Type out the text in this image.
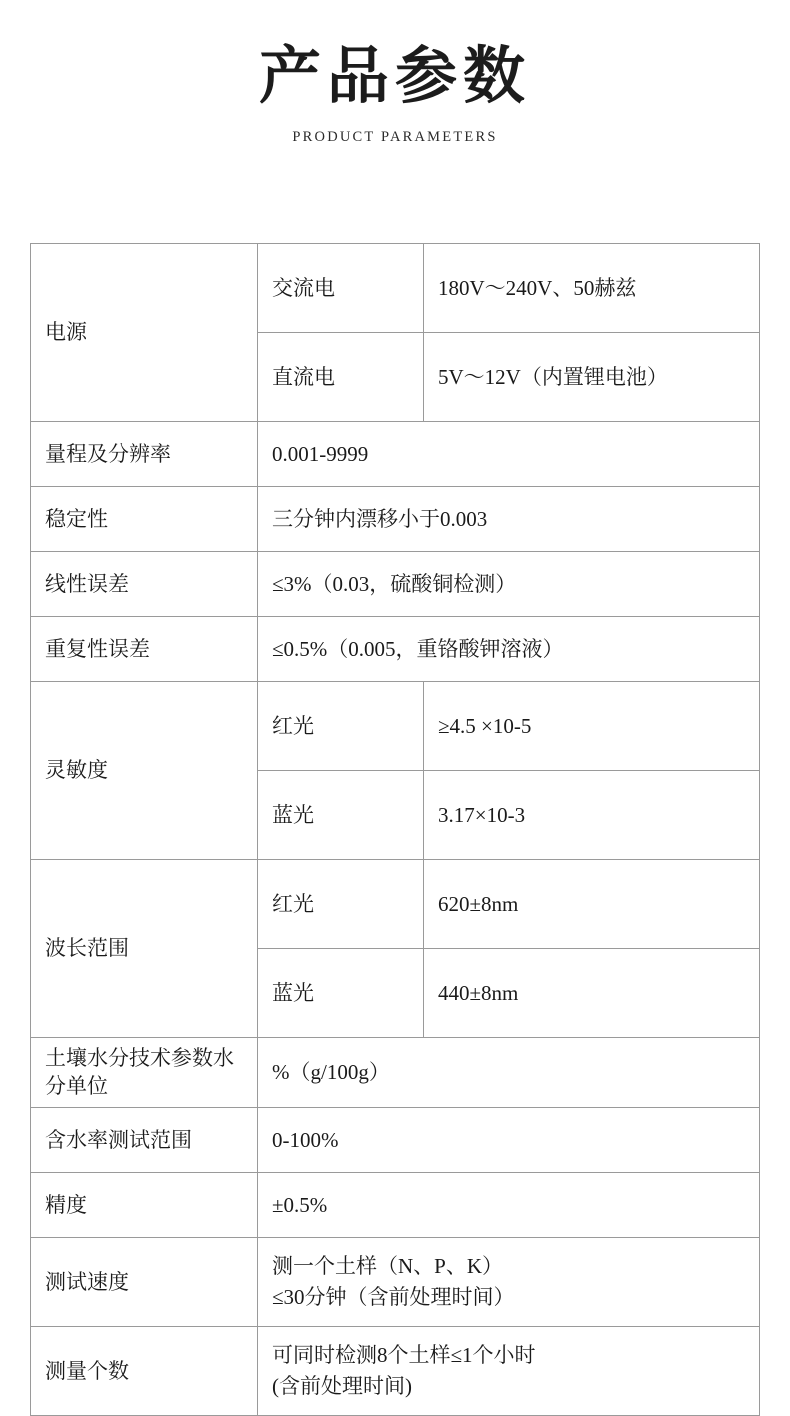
产品参数
PRODUCT PARAMETERS
电源	交流电	180V～240V、50赫兹
	直流电	5V～12V（内置锂电池）
量程及分辨率	0.001-9999	
稳定性	三分钟内漂移小于0.003	
线性误差	≤3%（0.03，硫酸铜检测）	
重复性误差	≤0.5%（0.005，重铬酸钾溶液）	
灵敏度	红光	≥4.5 ×10-5
	蓝光	3.17×10-3
波长范围	红光	620±8nm
	蓝光	440±8nm
土壤水分技术参数水分单位	%（g/100g）	
含水率测试范围	0-100%	
精度	±0.5%	
测试速度	测一个土样（N、P、K）
≤30分钟（含前处理时间）	

测量个数	可同时检测8个土样≤1个小时
(含前处理时间)	
